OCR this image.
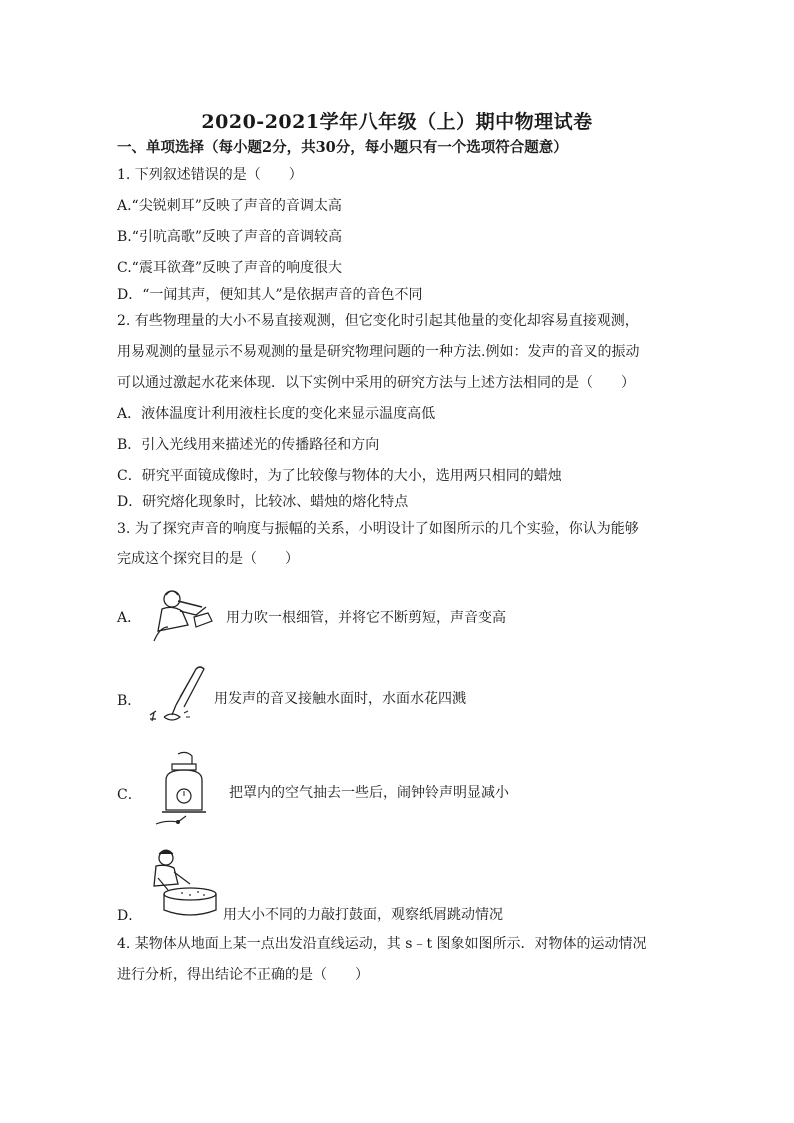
2020-2021学年八年级（上）期中物理试卷
一、单项选择（每小题2分，共30分，每小题只有一个选项符合题意）
1. 下列叙述错误的是（　　）
A.“尖锐刺耳”反映了声音的音调太高
B.“引吭高歌”反映了声音的音调较高
C.“震耳欲聋”反映了声音的响度很大
D．“一闻其声，便知其人”是依据声音的音色不同
2. 有些物理量的大小不易直接观测，但它变化时引起其他量的变化却容易直接观测，
用易观测的量显示不易观测的量是研究物理问题的一种方法.例如：发声的音叉的振动
可以通过激起水花来体现．以下实例中采用的研究方法与上述方法相同的是（　　）
A．液体温度计利用液柱长度的变化来显示温度高低
B．引入光线用来描述光的传播路径和方向
C．研究平面镜成像时，为了比较像与物体的大小，选用两只相同的蜡烛
D．研究熔化现象时，比较冰、蜡烛的熔化特点
3. 为了探究声音的响度与振幅的关系，小明设计了如图所示的几个实验，你认为能够
完成这个探究目的是（　　）
A．	用力吹一根细管，并将它不断剪短，声音变高
B．	用发声的音叉接触水面时，水面水花四溅
C．	把罩内的空气抽去一些后，闹钟铃声明显减小
D．	用大小不同的力敲打鼓面，观察纸屑跳动情况
4. 某物体从地面上某一点出发沿直线运动，其 s﹣t 图象如图所示．对物体的运动情况
进行分析，得出结论不正确的是（　　）
